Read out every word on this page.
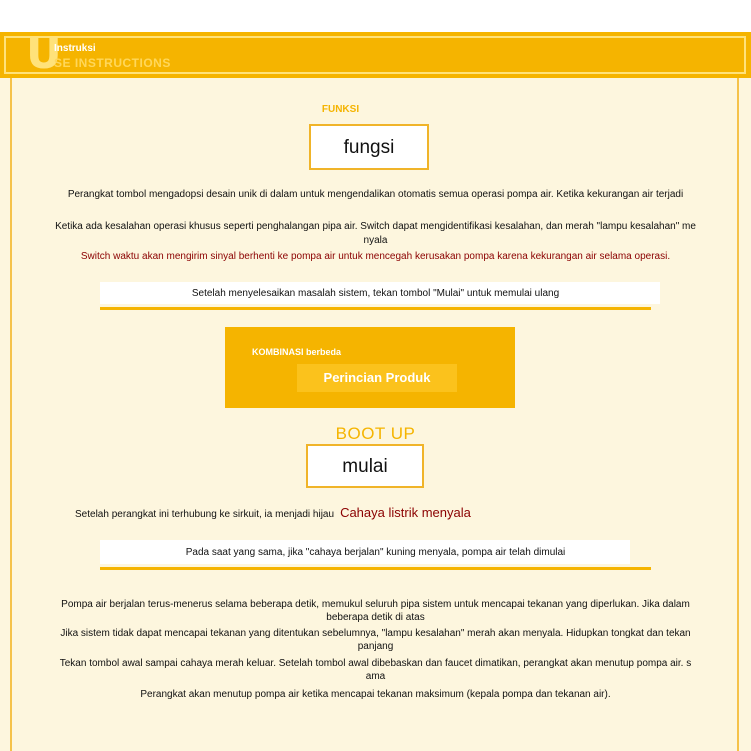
U
Instruksi
SE INSTRUCTIONS
FUNKSI
fungsi
Perangkat tombol mengadopsi desain unik di dalam untuk mengendalikan otomatis semua operasi pompa air. Ketika kekurangan air terjadi
Ketika ada kesalahan operasi khusus seperti penghalangan pipa air. Switch dapat mengidentifikasi kesalahan, dan merah "lampu kesalahan" me
nyala
Switch waktu akan mengirim sinyal berhenti ke pompa air untuk mencegah kerusakan pompa karena kekurangan air selama operasi.
Setelah menyelesaikan masalah sistem, tekan tombol "Mulai" untuk memulai ulang
KOMBINASI berbeda
Perincian Produk
BOOT UP
mulai
Setelah perangkat ini terhubung ke sirkuit, ia menjadi hijau Cahaya listrik menyala
Pada saat yang sama, jika "cahaya berjalan" kuning menyala, pompa air telah dimulai
Pompa air berjalan terus-menerus selama beberapa detik, memukul seluruh pipa sistem untuk mencapai tekanan yang diperlukan. Jika dalam
beberapa detik di atas
Jika sistem tidak dapat mencapai tekanan yang ditentukan sebelumnya, "lampu kesalahan" merah akan menyala. Hidupkan tongkat dan tekan
panjang
Tekan tombol awal sampai cahaya merah keluar. Setelah tombol awal dibebaskan dan faucet dimatikan, perangkat akan menutup pompa air. s
ama
Perangkat akan menutup pompa air ketika mencapai tekanan maksimum (kepala pompa dan tekanan air).
